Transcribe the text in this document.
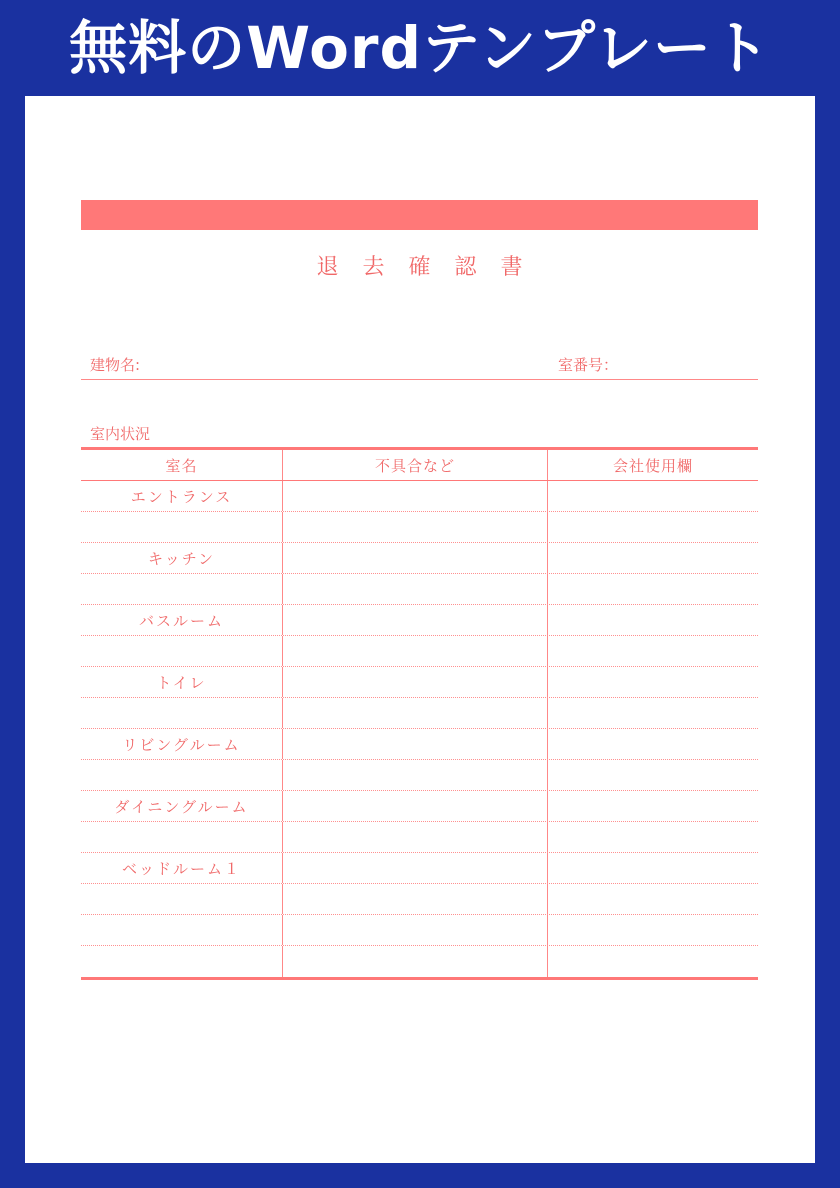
無料のWordテンプレート
退去確認書
建物名:	室番号：
室内状況
室名	不具合など	会社使用欄
エントランス
キッチン
バスルーム
トイレ
リビングルーム
ダイニングルーム
ベッドルーム１
